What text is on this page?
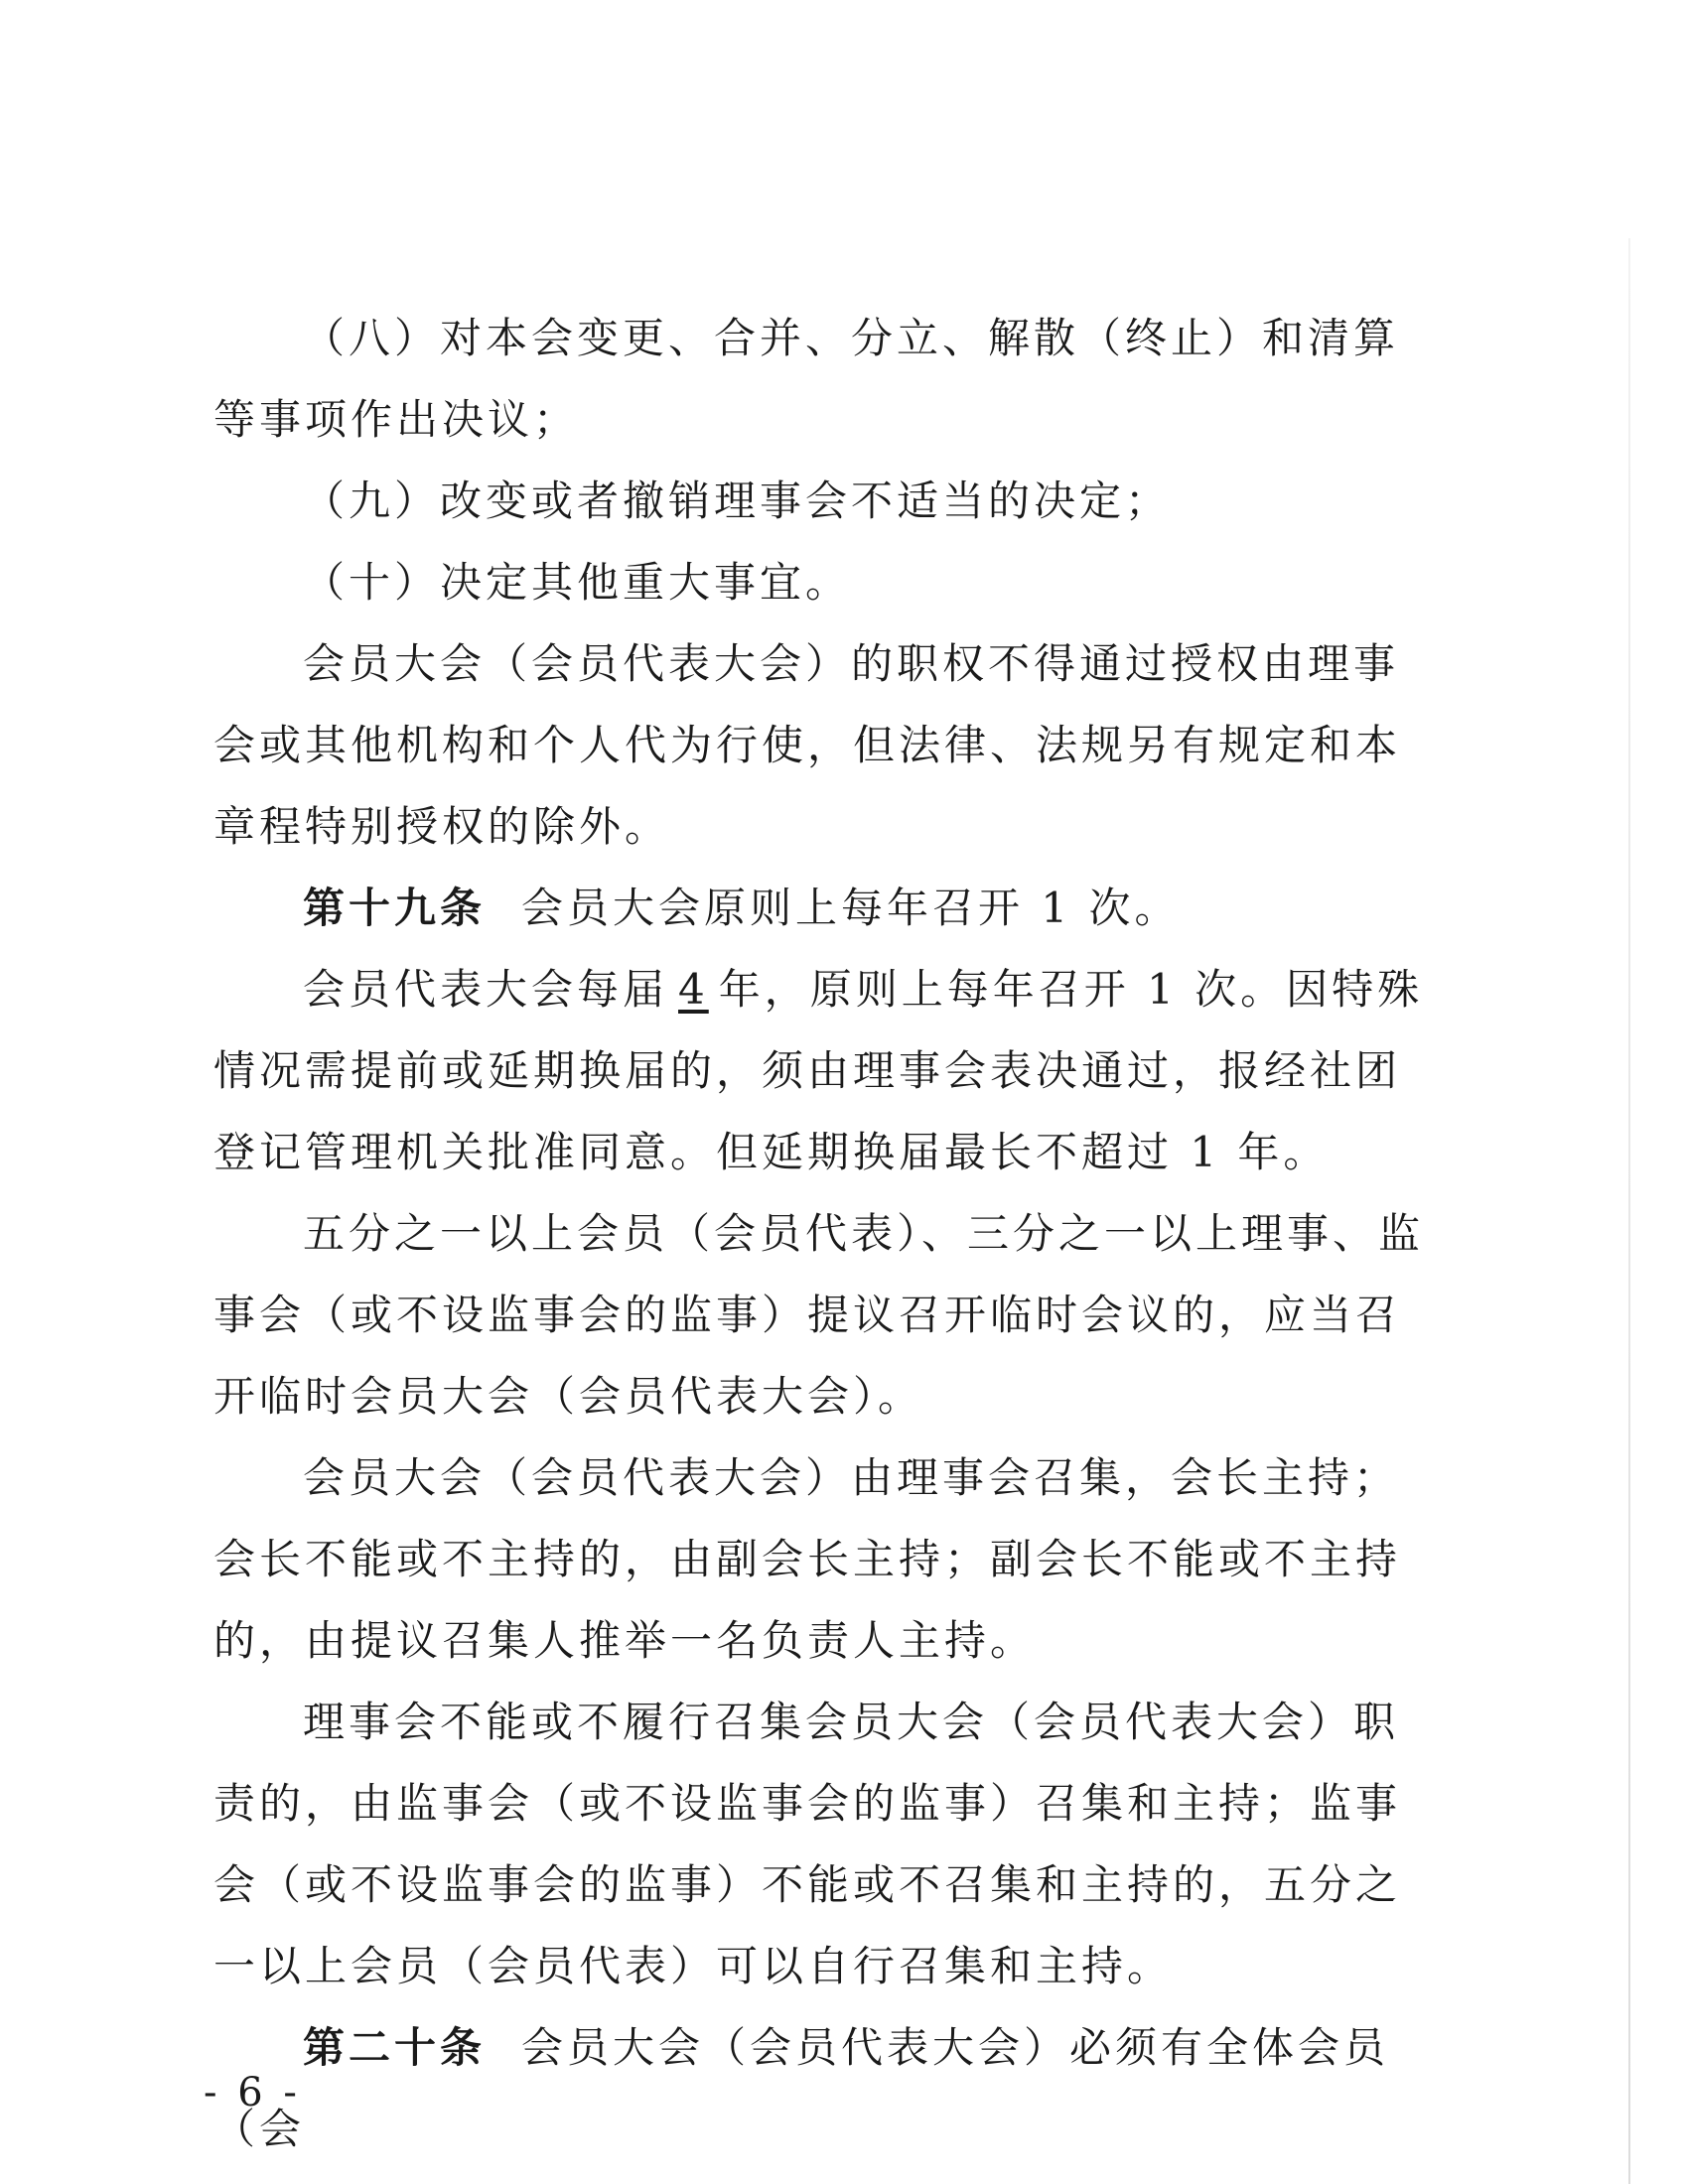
（八）对本会变更、合并、分立、解散（终止）和清算等事项作出决议；

（九）改变或者撤销理事会不适当的决定；

（十）决定其他重大事宜。

会员大会（会员代表大会）的职权不得通过授权由理事会或其他机构和个人代为行使，但法律、法规另有规定和本章程特别授权的除外。

第十九条 会员大会原则上每年召开 1 次。

会员代表大会每届 4 年，原则上每年召开 1 次。因特殊情况需提前或延期换届的，须由理事会表决通过，报经社团登记管理机关批准同意。但延期换届最长不超过 1 年。

五分之一以上会员（会员代表）、三分之一以上理事、监事会（或不设监事会的监事）提议召开临时会议的，应当召开临时会员大会（会员代表大会）。

会员大会（会员代表大会）由理事会召集，会长主持；会长不能或不主持的，由副会长主持；副会长不能或不主持的，由提议召集人推举一名负责人主持。

理事会不能或不履行召集会员大会（会员代表大会）职责的，由监事会（或不设监事会的监事）召集和主持；监事会（或不设监事会的监事）不能或不召集和主持的，五分之一以上会员（会员代表）可以自行召集和主持。

第二十条 会员大会（会员代表大会）必须有全体会员（会

- 6 -
